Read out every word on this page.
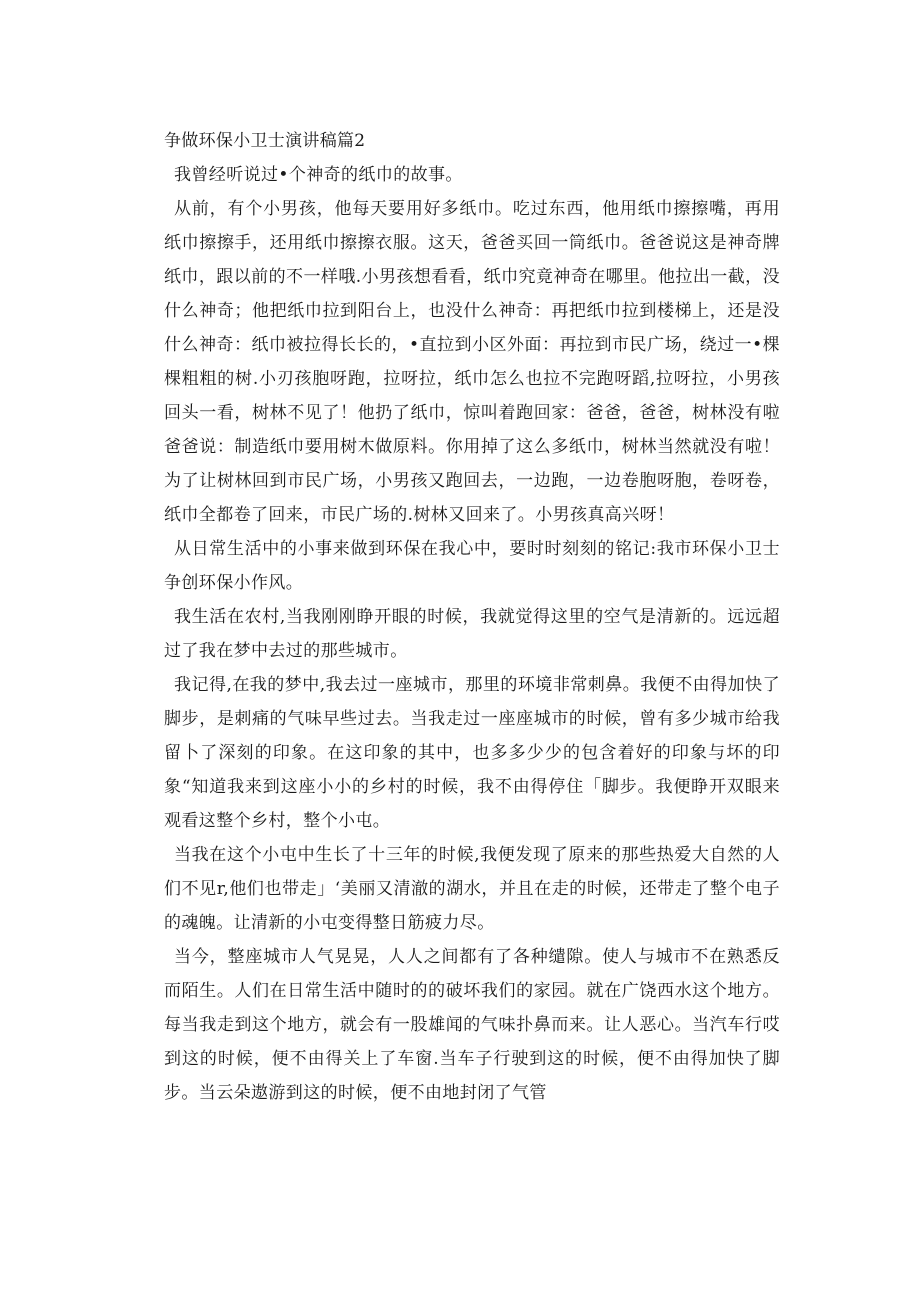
争做环保小卫士演讲稿篇2

我曾经听说过•个神奇的纸巾的故事。

从前，有个小男孩，他每天要用好多纸巾。吃过东西，他用纸巾擦擦嘴，再用纸巾擦擦手，还用纸巾擦擦衣服。这天，爸爸买回一筒纸巾。爸爸说这是神奇牌纸巾，跟以前的不一样哦.小男孩想看看，纸巾究竟神奇在哪里。他拉出一截，没什么神奇；他把纸巾拉到阳台上，也没什么神奇：再把纸巾拉到楼梯上，还是没什么神奇：纸巾被拉得长长的，•直拉到小区外面：再拉到市民广场，绕过一•棵棵粗粗的树.小刃孩胞呀跑，拉呀拉，纸巾怎么也拉不完跑呀蹈,拉呀拉，小男孩回头一看，树林不见了！他扔了纸巾，惊叫着跑回家：爸爸，爸爸，树林没有啦爸爸说：制造纸巾要用树木做原料。你用掉了这么多纸巾，树林当然就没有啦！为了让树林回到市民广场，小男孩又跑回去，一边跑，一边卷胞呀胞，卷呀卷，纸巾全都卷了回来，市民广场的.树林又回来了。小男孩真高兴呀！

从日常生活中的小事来做到环保在我心中，要时时刻刻的铭记:我市环保小卫士争创环保小作风。

我生活在农村,当我刚刚睁开眼的时候，我就觉得这里的空气是清新的。远远超过了我在梦中去过的那些城市。

我记得,在我的梦中,我去过一座城市，那里的环境非常刺鼻。我便不由得加快了脚步，是刺痛的气味早些过去。当我走过一座座城市的时候，曾有多少城市给我留卜了深刻的印象。在这印象的其中，也多多少少的包含着好的印象与坏的印象“知道我来到这座小小的乡村的时候，我不由得停住「脚步。我便睁开双眼来观看这整个乡村，整个小屯。

当我在这个小屯中生长了十三年的时候,我便发现了原来的那些热爱大自然的人们不见r,他们也带走」‘美丽又清澈的湖水，并且在走的时候，还带走了整个电子的魂魄。让清新的小屯变得整日筋疲力尽。

当今，整座城市人气晃晃，人人之间都有了各种缱隙。使人与城市不在熟悉反而陌生。人们在日常生活中随时的的破坏我们的家园。就在广饶西水这个地方。每当我走到这个地方，就会有一股雄闻的气味扑鼻而来。让人恶心。当汽车行哎到这的时候，便不由得关上了车窗.当车子行驶到这的时候，便不由得加快了脚步。当云朵遨游到这的时候，便不由地封闭了气管
